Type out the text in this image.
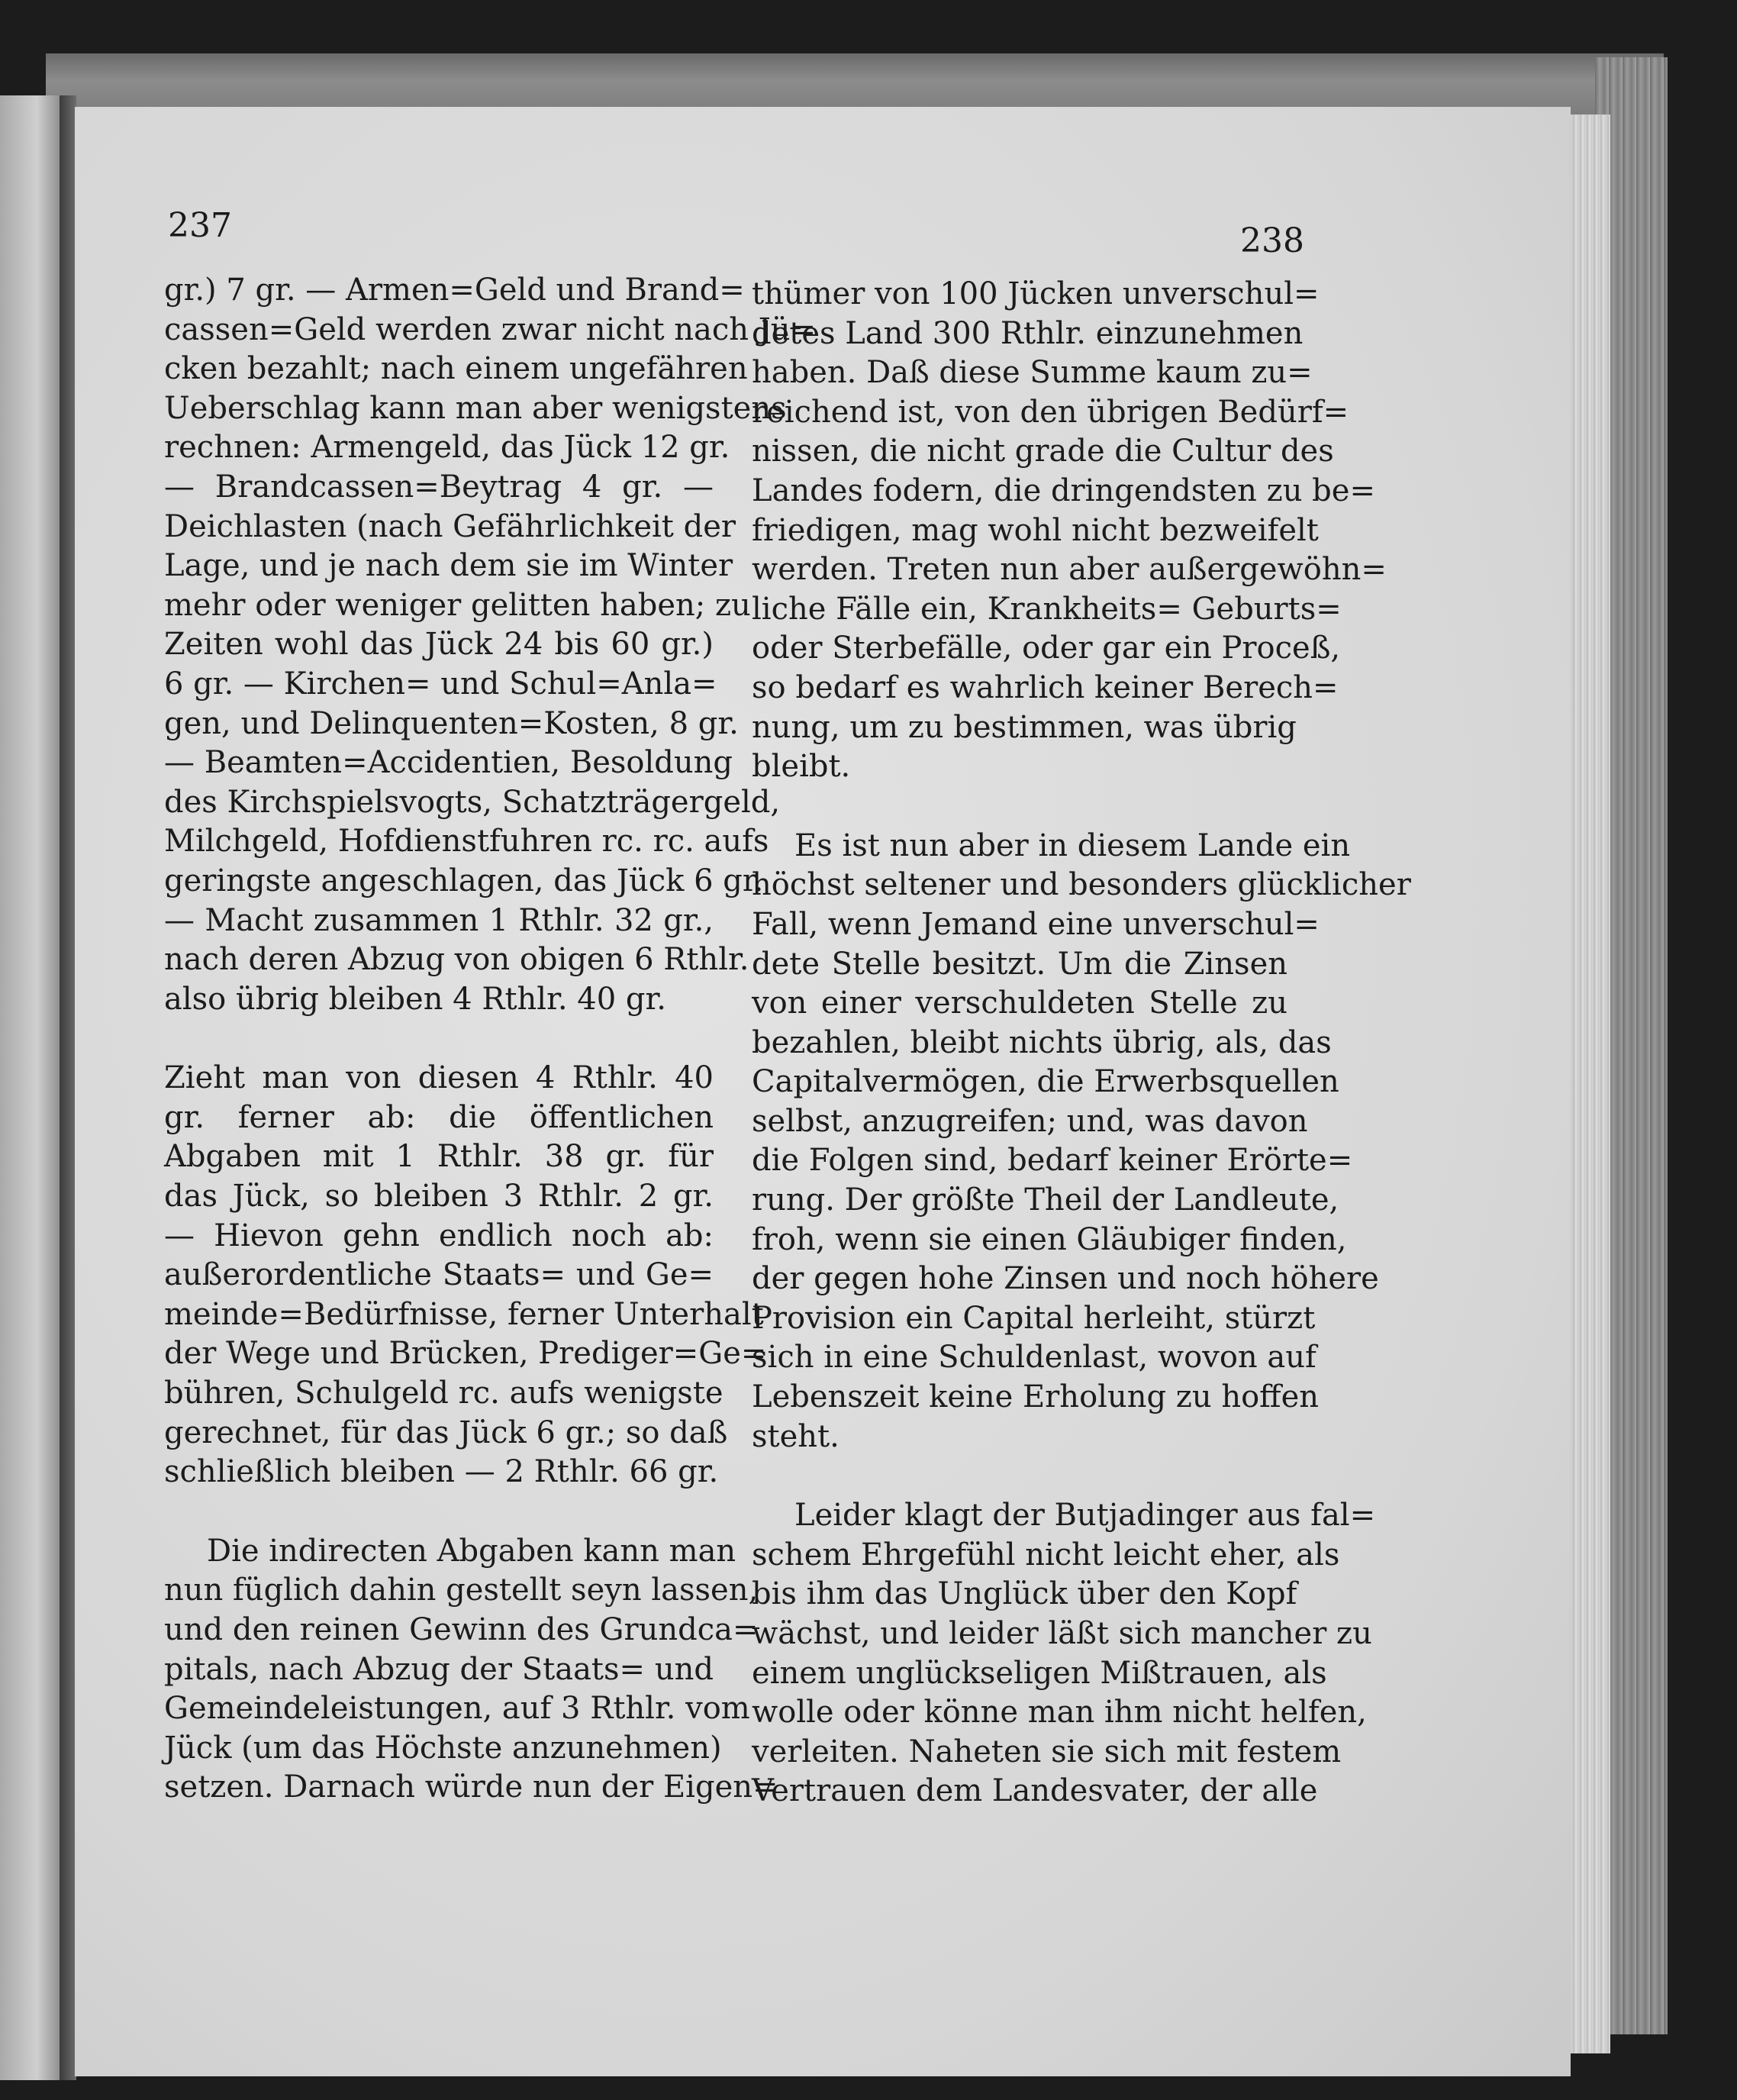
237	238
gr.) 7 gr. — Armen=Geld und Brand=
cassen=Geld werden zwar nicht nach Jü=
cken bezahlt; nach einem ungefähren
Ueberschlag kann man aber wenigstens
rechnen: Armengeld, das Jück 12 gr.
— Brandcassen=Beytrag 4 gr. —
Deichlasten (nach Gefährlichkeit der
Lage, und je nach dem sie im Winter
mehr oder weniger gelitten haben; zu
Zeiten wohl das Jück 24 bis 60 gr.)
6 gr. — Kirchen= und Schul=Anla=
gen, und Delinquenten=Kosten, 8 gr.
— Beamten=Accidentien, Besoldung
des Kirchspielsvogts, Schatzträgergeld,
Milchgeld, Hofdienstfuhren rc. rc. aufs
geringste angeschlagen, das Jück 6 gr.
— Macht zusammen 1 Rthlr. 32 gr.,
nach deren Abzug von obigen 6 Rthlr.
also übrig bleiben 4 Rthlr. 40 gr.
Zieht man von diesen 4 Rthlr. 40
gr. ferner ab: die öffentlichen
Abgaben mit 1 Rthlr. 38 gr. für
das Jück, so bleiben 3 Rthlr. 2 gr.
— Hievon gehn endlich noch ab:
außerordentliche Staats= und Ge=
meinde=Bedürfnisse, ferner Unterhalt
der Wege und Brücken, Prediger=Ge=
bühren, Schulgeld rc. aufs wenigste
gerechnet, für das Jück 6 gr.; so daß
schließlich bleiben — 2 Rthlr. 66 gr.
Die indirecten Abgaben kann man
nun füglich dahin gestellt seyn lassen,
und den reinen Gewinn des Grundca=
pitals, nach Abzug der Staats= und
Gemeindeleistungen, auf 3 Rthlr. vom
Jück (um das Höchste anzunehmen)
setzen. Darnach würde nun der Eigen=
thümer von 100 Jücken unverschul=
detes Land 300 Rthlr. einzunehmen
haben. Daß diese Summe kaum zu=
reichend ist, von den übrigen Bedürf=
nissen, die nicht grade die Cultur des
Landes fodern, die dringendsten zu be=
friedigen, mag wohl nicht bezweifelt
werden. Treten nun aber außergewöhn=
liche Fälle ein, Krankheits= Geburts=
oder Sterbefälle, oder gar ein Proceß,
so bedarf es wahrlich keiner Berech=
nung, um zu bestimmen, was übrig
bleibt.
Es ist nun aber in diesem Lande ein
höchst seltener und besonders glücklicher
Fall, wenn Jemand eine unverschul=
dete Stelle besitzt. Um die Zinsen
von einer verschuldeten Stelle zu
bezahlen, bleibt nichts übrig, als, das
Capitalvermögen, die Erwerbsquellen
selbst, anzugreifen; und, was davon
die Folgen sind, bedarf keiner Erörte=
rung. Der größte Theil der Landleute,
froh, wenn sie einen Gläubiger finden,
der gegen hohe Zinsen und noch höhere
Provision ein Capital herleiht, stürzt
sich in eine Schuldenlast, wovon auf
Lebenszeit keine Erholung zu hoffen
steht.
Leider klagt der Butjadinger aus fal=
schem Ehrgefühl nicht leicht eher, als
bis ihm das Unglück über den Kopf
wächst, und leider läßt sich mancher zu
einem unglückseligen Mißtrauen, als
wolle oder könne man ihm nicht helfen,
verleiten. Naheten sie sich mit festem
Vertrauen dem Landesvater, der alle
